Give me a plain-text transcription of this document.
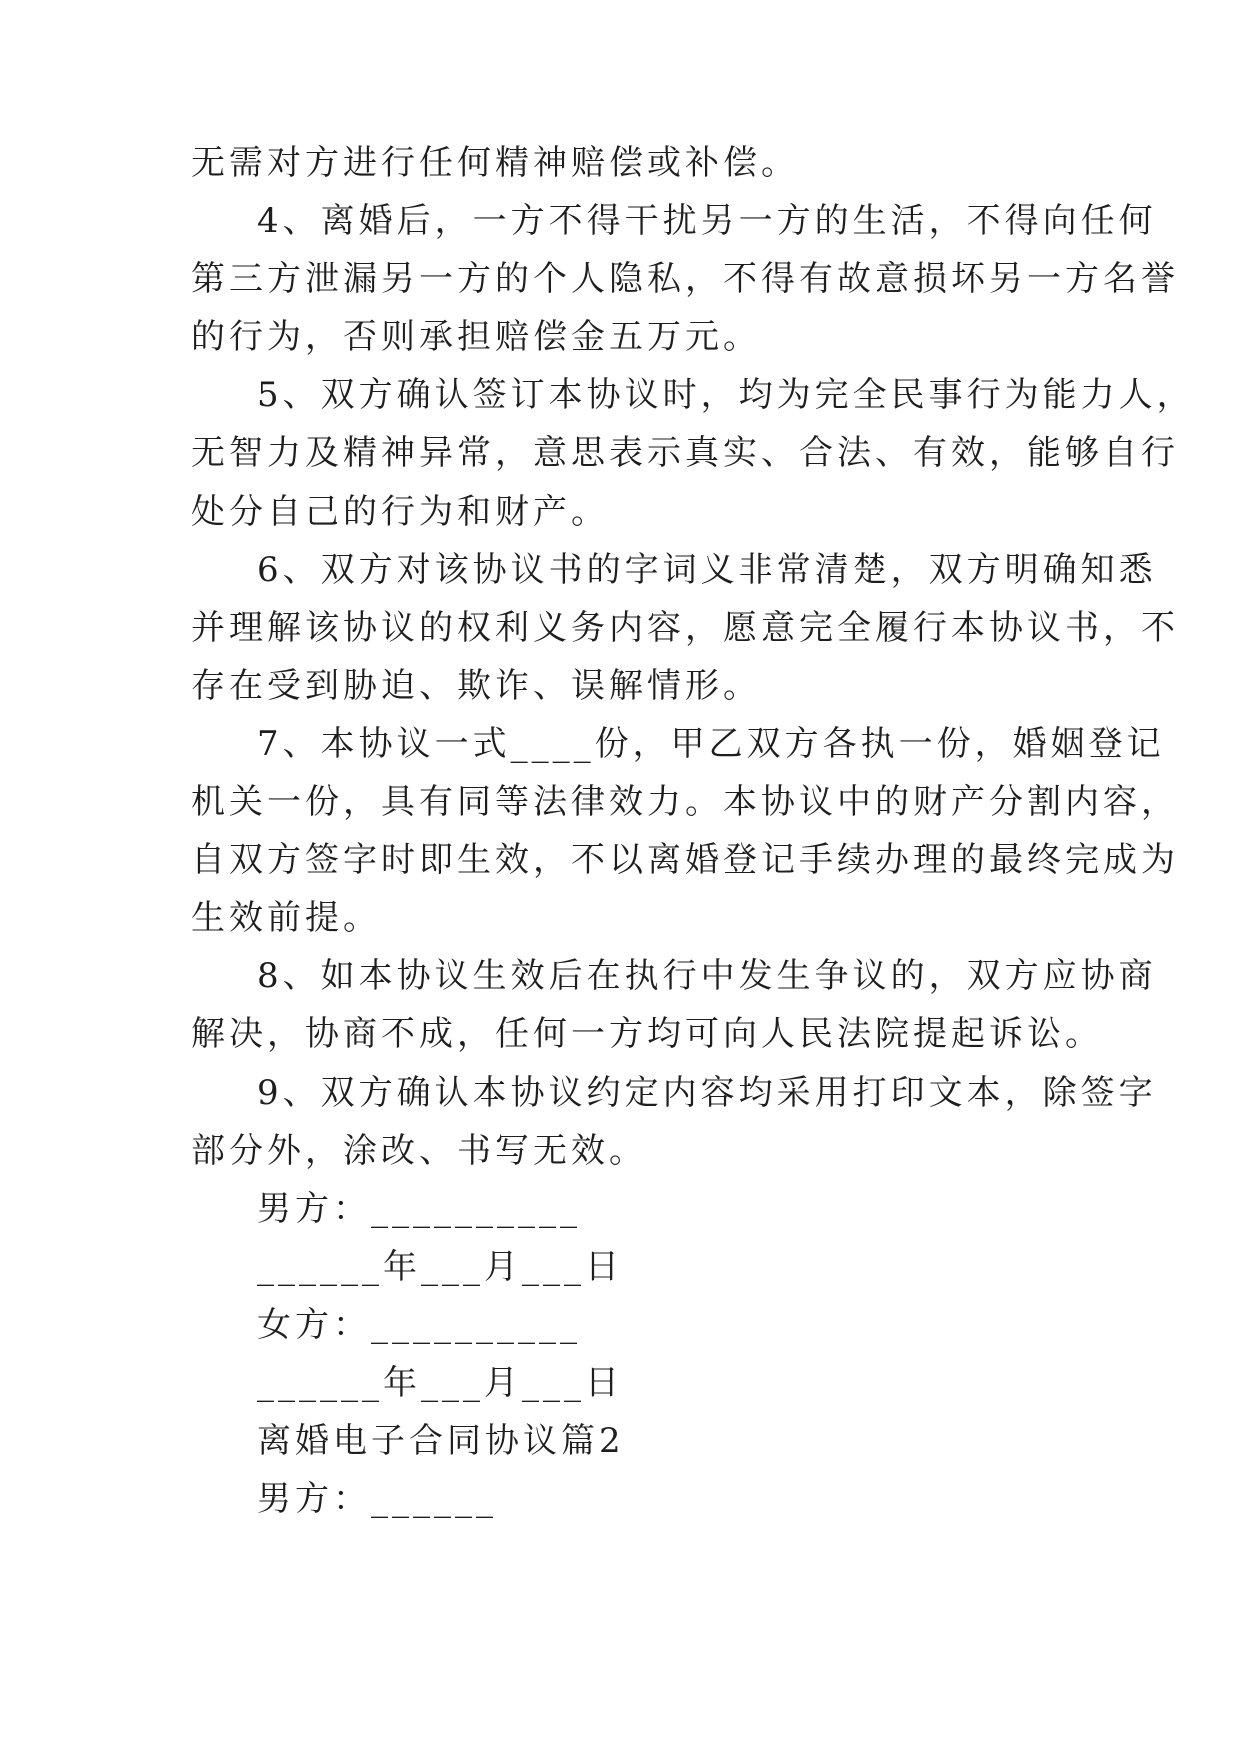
无需对方进行任何精神赔偿或补偿。
4、离婚后，一方不得干扰另一方的生活，不得向任何
第三方泄漏另一方的个人隐私，不得有故意损坏另一方名誉
的行为，否则承担赔偿金五万元。
5、双方确认签订本协议时，均为完全民事行为能力人，
无智力及精神异常，意思表示真实、合法、有效，能够自行
处分自己的行为和财产。
6、双方对该协议书的字词义非常清楚，双方明确知悉
并理解该协议的权利义务内容，愿意完全履行本协议书，不
存在受到胁迫、欺诈、误解情形。
7、本协议一式____份，甲乙双方各执一份，婚姻登记
机关一份，具有同等法律效力。本协议中的财产分割内容，
自双方签字时即生效，不以离婚登记手续办理的最终完成为
生效前提。
8、如本协议生效后在执行中发生争议的，双方应协商
解决，协商不成，任何一方均可向人民法院提起诉讼。
9、双方确认本协议约定内容均采用打印文本，除签字
部分外，涂改、书写无效。
男方：__________
______年___月___日
女方：__________
______年___月___日
离婚电子合同协议篇2
男方：______
